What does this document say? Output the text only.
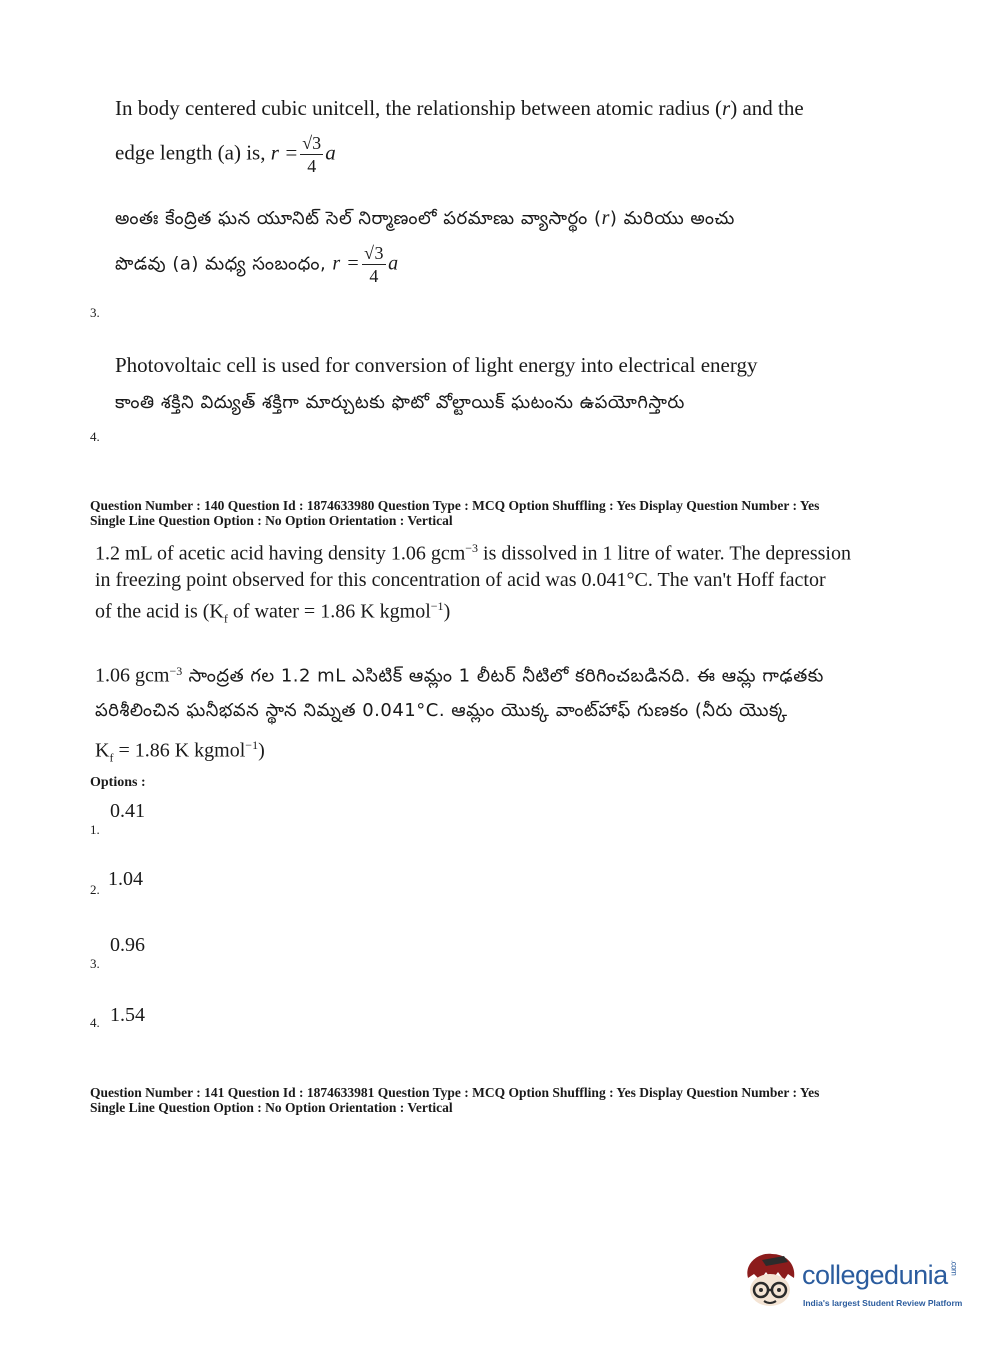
In body centered cubic unitcell, the relationship between atomic radius (r) and the
edge length (a) is, $r = \frac{√3}{4}$ a
అంతః కేంద్రిత ఘన యూనిట్ సెల్ నిర్మాణంలో పరమాణు వ్యాసార్థం (r) మరియు అంచు
పొడవు (a) మధ్య సంబంధం, $r = \frac{√3}{4}$ a
3.
Photovoltaic cell is used for conversion of light energy into electrical energy
కాంతి శక్తిని విద్యుత్ శక్తిగా మార్చుటకు ఫొటో వోల్టాయిక్ ఘటంను ఉపయోగిస్తారు
4.
Question Number : 140 Question Id : 1874633980 Question Type : MCQ Option Shuffling : Yes Display Question Number : Yes
Single Line Question Option : No Option Orientation : Vertical
1.2 mL of acetic acid having density 1.06 gcm$^{-3}$ is dissolved in 1 litre of water. The depression
in freezing point observed for this concentration of acid was 0.041°C. The van't Hoff factor
of the acid is ($K_f$ of water = 1.86 K kgmol$^{-1}$)
1.06 gcm$^{-3}$ సాంద్రత గల 1.2 mL ఎసిటిక్ ఆమ్లం 1 లీటర్ నీటిలో కరిగించబడినది. ఈ ఆమ్ల గాఢతకు
పరిశీలించిన ఘనీభవన స్థాన నిమ్నత 0.041°C. ఆమ్లం యొక్క వాంట్‌హాఫ్ గుణకం (నీరు యొక్క
$K_f = 1.86$ K kgmol$^{-1}$)
Options :
0.41
1.
2. 1.04
0.96
3.
4. 1.54
Question Number : 141 Question Id : 1874633981 Question Type : MCQ Option Shuffling : Yes Display Question Number : Yes
Single Line Question Option : No Option Orientation : Vertical
collegedunia .com
India's largest Student Review Platform
